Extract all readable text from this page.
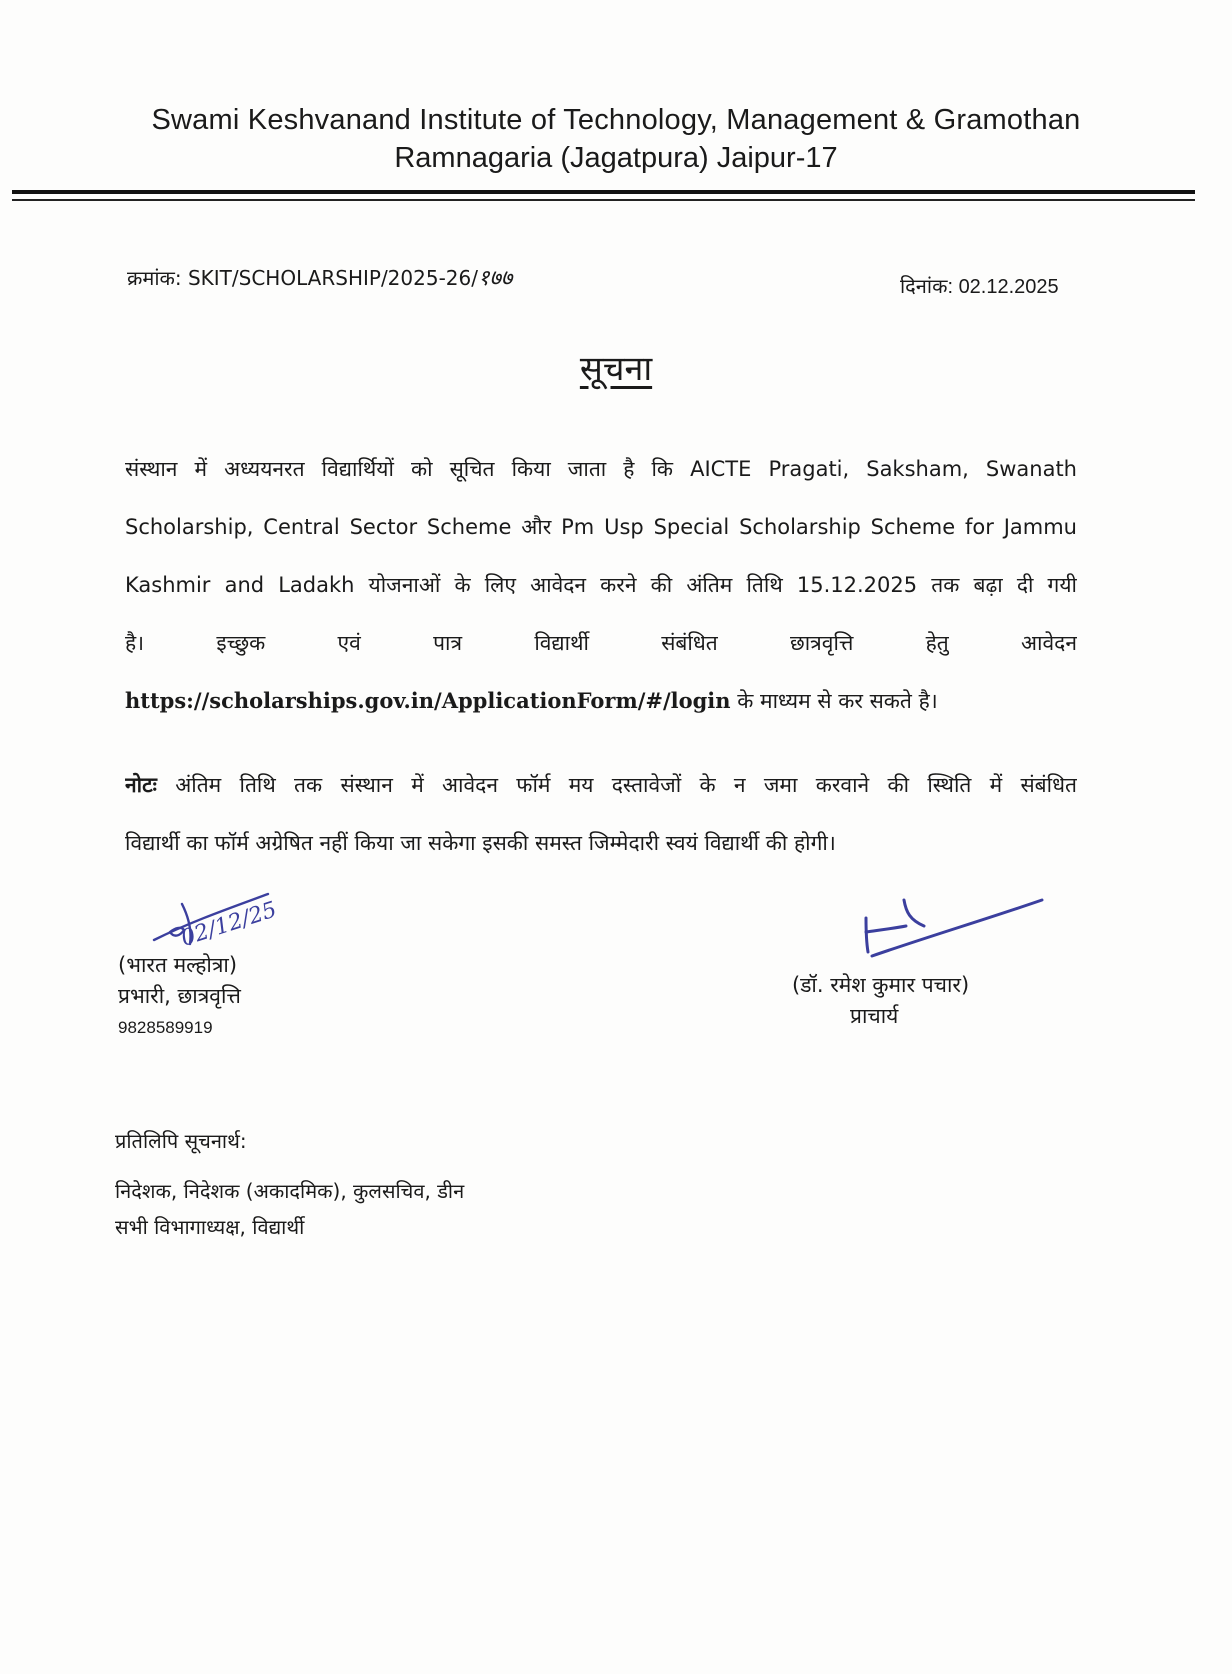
Swami Keshvanand Institute of Technology, Management & Gramothan
Ramnagaria (Jagatpura) Jaipur-17
क्रमांक: SKIT/SCHOLARSHIP/2025-26/१७७	दिनांक: 02.12.2025
सूचना
संस्थान में अध्ययनरत विद्यार्थियों को सूचित किया जाता है कि AICTE Pragati, Saksham, Swanath
Scholarship, Central Sector Scheme और Pm Usp Special Scholarship Scheme for Jammu
Kashmir and Ladakh योजनाओं के लिए आवेदन करने की अंतिम तिथि 15.12.2025 तक बढ़ा दी गयी
है। इच्छुक एवं पात्र विद्यार्थी संबंधित छात्रवृत्ति हेतु आवेदन
https://scholarships.gov.in/ApplicationForm/#/login के माध्यम से कर सकते है।
नोटः अंतिम तिथि तक संस्थान में आवेदन फॉर्म मय दस्तावेजों के न जमा करवाने की स्थिति में संबंधित
विद्यार्थी का फॉर्म अग्रेषित नहीं किया जा सकेगा इसकी समस्त जिम्मेदारी स्वयं विद्यार्थी की होगी।
(भारत मल्होत्रा)
प्रभारी, छात्रवृत्ति
9828589919
(डॉ. रमेश कुमार पचार)
प्राचार्य
प्रतिलिपि सूचनार्थ:
निदेशक, निदेशक (अकादमिक), कुलसचिव, डीन
सभी विभागाध्यक्ष, विद्यार्थी
02/12/25
